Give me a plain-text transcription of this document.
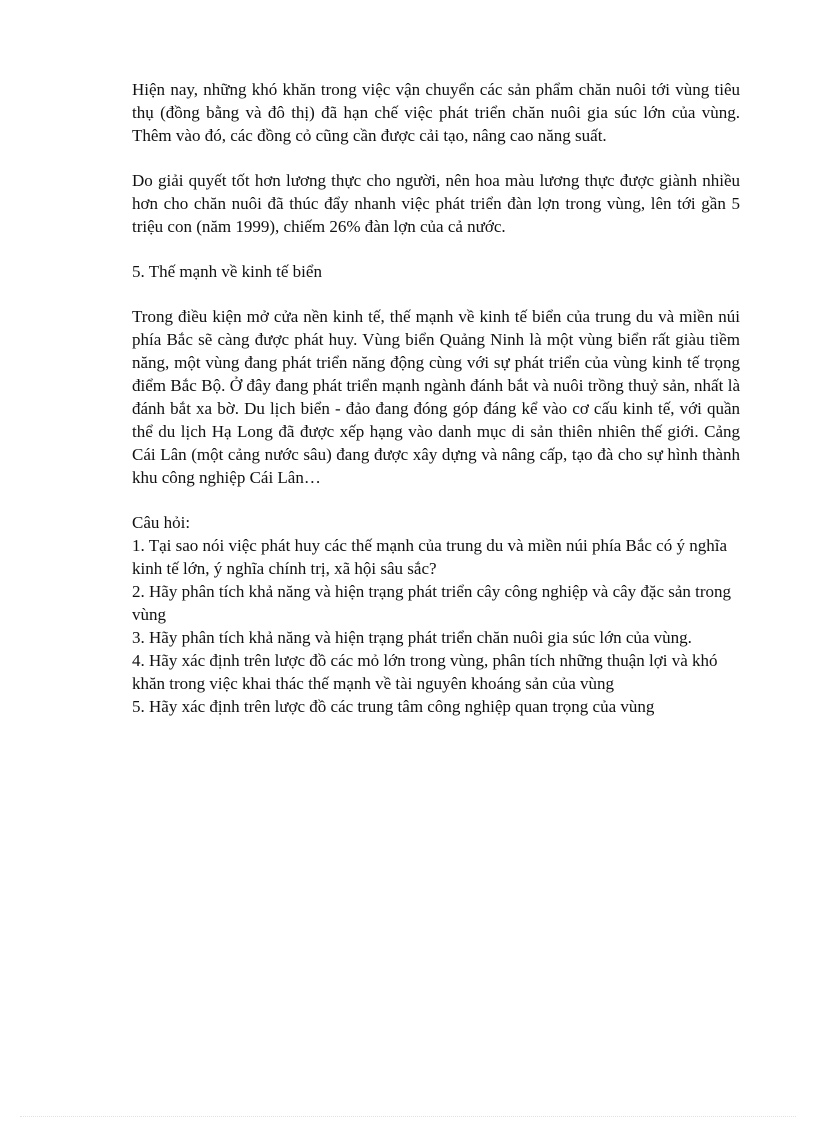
Hiện nay, những khó khăn trong việc vận chuyển các sản phẩm chăn nuôi tới vùng tiêu thụ (đồng bằng và đô thị) đã hạn chế việc phát triển chăn nuôi gia súc lớn của vùng. Thêm vào đó, các đồng cỏ cũng cần được cải tạo, nâng cao năng suất.

Do giải quyết tốt hơn lương thực cho người, nên hoa màu lương thực được giành nhiều hơn cho chăn nuôi đã thúc đẩy nhanh việc phát triển đàn lợn trong vùng, lên tới gần 5 triệu con (năm 1999), chiếm 26% đàn lợn của cả nước.

5. Thế mạnh về kinh tế biển

Trong điều kiện mở cửa nền kinh tế, thế mạnh về kinh tế biển của trung du và miền núi phía Bắc sẽ càng được phát huy. Vùng biển Quảng Ninh là một vùng biển rất giàu tiềm năng, một vùng đang phát triển năng động cùng với sự phát triển của vùng kinh tế trọng điểm Bắc Bộ. Ở đây đang phát triển mạnh ngành đánh bắt và nuôi trồng thuỷ sản, nhất là đánh bắt xa bờ. Du lịch biển - đảo đang đóng góp đáng kể vào cơ cấu kinh tế, với quần thể du lịch Hạ Long đã được xếp hạng vào danh mục di sản thiên nhiên thế giới. Cảng Cái Lân (một cảng nước sâu) đang được xây dựng và nâng cấp, tạo đà cho sự hình thành khu công nghiệp Cái Lân…

Câu hỏi:

1. Tại sao nói việc phát huy các thế mạnh của trung du và miền núi phía Bắc có ý nghĩa kinh tế lớn, ý nghĩa chính trị, xã hội sâu sắc?
2. Hãy phân tích khả năng và hiện trạng phát triển cây công nghiệp và cây đặc sản trong vùng
3. Hãy phân tích khả năng và hiện trạng phát triển chăn nuôi gia súc lớn của vùng.
4. Hãy xác định trên lược đồ các mỏ lớn trong vùng, phân tích những thuận lợi và khó khăn trong việc khai thác thế mạnh về tài nguyên khoáng sản của vùng
5. Hãy xác định trên lược đồ các trung tâm công nghiệp quan trọng của vùng
